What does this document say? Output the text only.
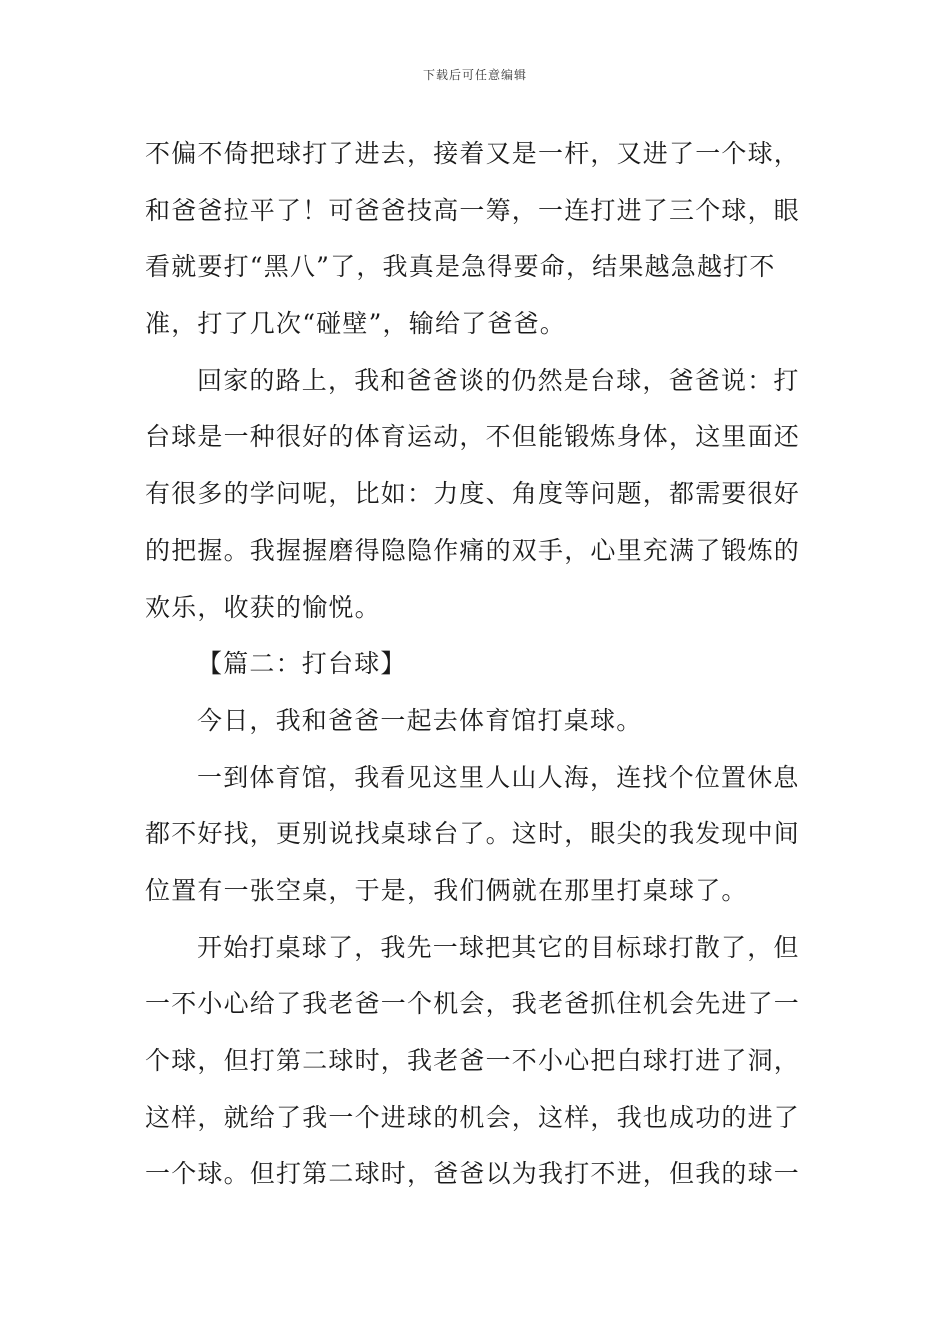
下载后可任意编辑
不偏不倚把球打了进去，接着又是一杆，又进了一个球，
和爸爸拉平了！可爸爸技高一筹，一连打进了三个球，眼
看就要打“黑八”了，我真是急得要命，结果越急越打不
准，打了几次“碰壁”，输给了爸爸。
回家的路上，我和爸爸谈的仍然是台球，爸爸说：打
台球是一种很好的体育运动，不但能锻炼身体，这里面还
有很多的学问呢，比如：力度、角度等问题，都需要很好
的把握。我握握磨得隐隐作痛的双手，心里充满了锻炼的
欢乐，收获的愉悦。
【篇二：打台球】
今日，我和爸爸一起去体育馆打桌球。
一到体育馆，我看见这里人山人海，连找个位置休息
都不好找，更别说找桌球台了。这时，眼尖的我发现中间
位置有一张空桌，于是，我们俩就在那里打桌球了。
开始打桌球了，我先一球把其它的目标球打散了，但
一不小心给了我老爸一个机会，我老爸抓住机会先进了一
个球，但打第二球时，我老爸一不小心把白球打进了洞，
这样，就给了我一个进球的机会，这样，我也成功的进了
一个球。但打第二球时，爸爸以为我打不进，但我的球一
